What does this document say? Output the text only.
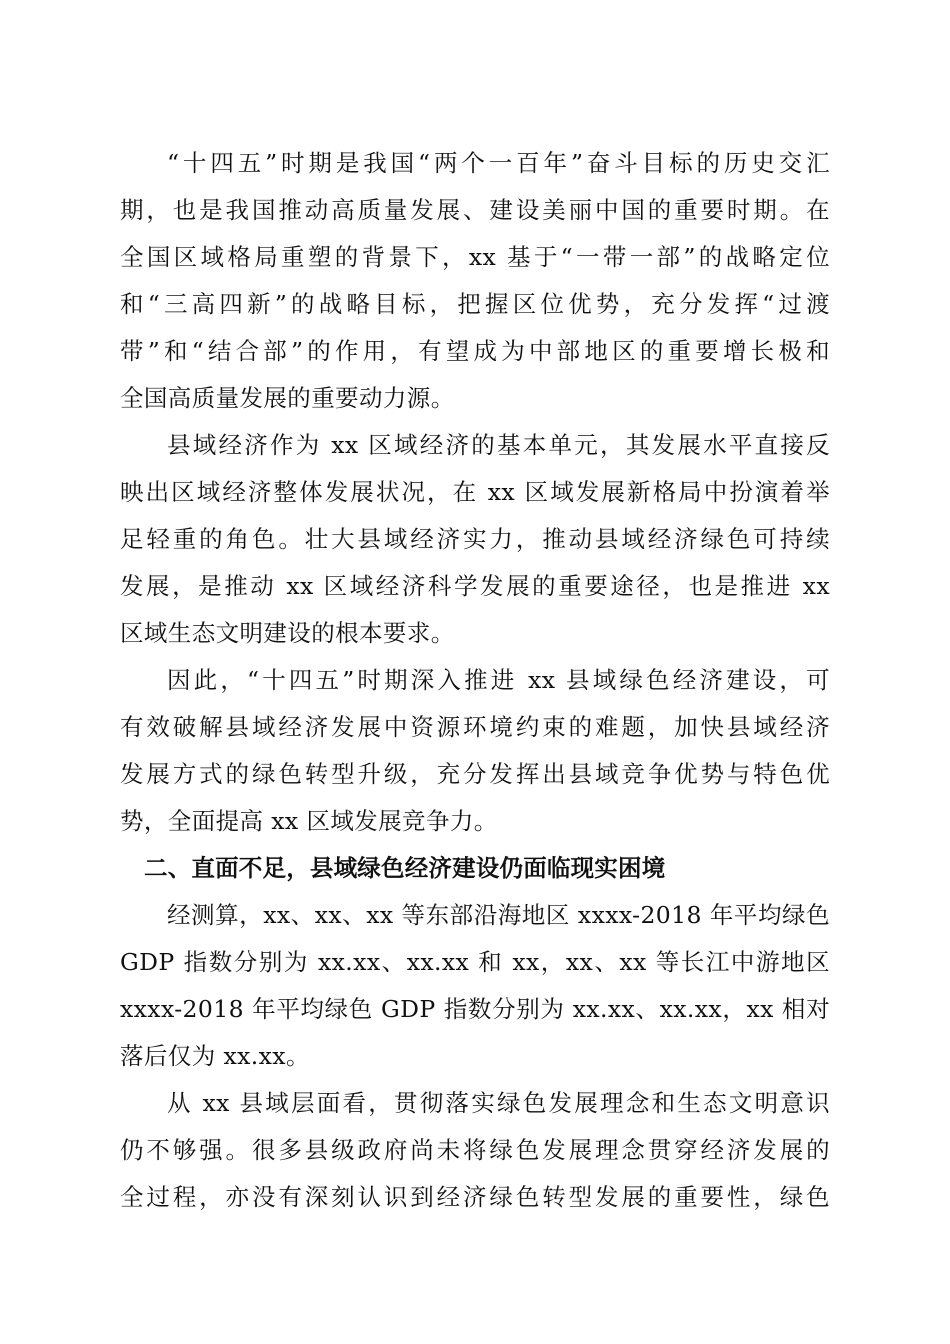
“十四五”时期是我国“两个一百年”奋斗目标的历史交汇
期，也是我国推动高质量发展、建设美丽中国的重要时期。在
全国区域格局重塑的背景下，xx 基于“一带一部”的战略定位
和“三高四新”的战略目标，把握区位优势，充分发挥“过渡
带”和“结合部”的作用，有望成为中部地区的重要增长极和
全国高质量发展的重要动力源。
县域经济作为 xx 区域经济的基本单元，其发展水平直接反
映出区域经济整体发展状况，在 xx 区域发展新格局中扮演着举
足轻重的角色。壮大县域经济实力，推动县域经济绿色可持续
发展，是推动 xx 区域经济科学发展的重要途径，也是推进 xx
区域生态文明建设的根本要求。
因此，“十四五”时期深入推进 xx 县域绿色经济建设，可
有效破解县域经济发展中资源环境约束的难题，加快县域经济
发展方式的绿色转型升级，充分发挥出县域竞争优势与特色优
势，全面提高 xx 区域发展竞争力。
二、直面不足，县域绿色经济建设仍面临现实困境
经测算，xx、xx、xx 等东部沿海地区 xxxx-2018 年平均绿色
GDP 指数分别为 xx.xx、xx.xx 和 xx，xx、xx 等长江中游地区
xxxx-2018 年平均绿色 GDP 指数分别为 xx.xx、xx.xx，xx 相对
落后仅为 xx.xx。
从 xx 县域层面看，贯彻落实绿色发展理念和生态文明意识
仍不够强。很多县级政府尚未将绿色发展理念贯穿经济发展的
全过程，亦没有深刻认识到经济绿色转型发展的重要性，绿色
